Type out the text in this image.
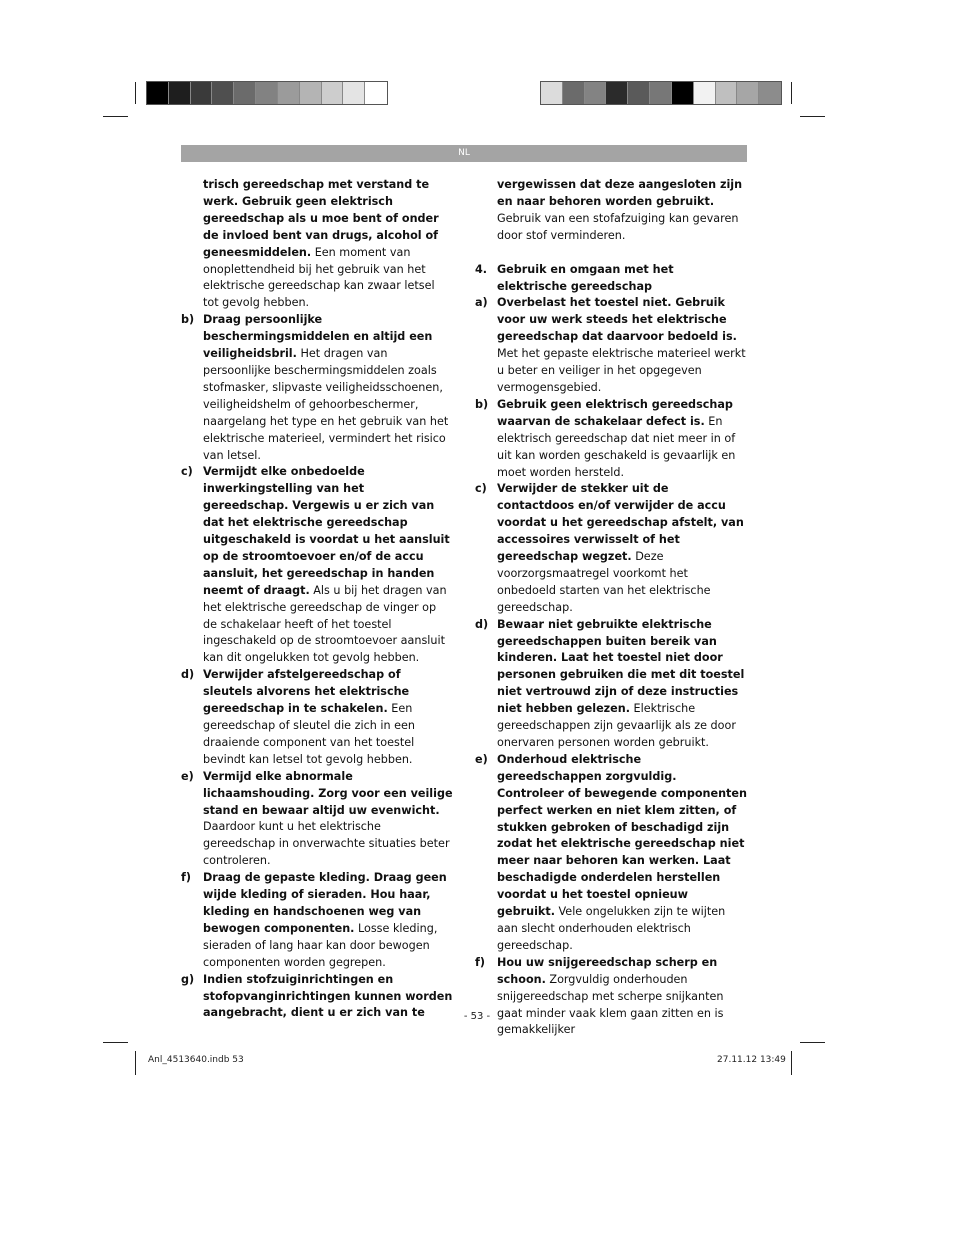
NL
trisch gereedschap met verstand te werk. Gebruik geen elektrisch gereedschap als u moe bent of onder de invloed bent van drugs, alcohol of geneesmiddelen. Een moment van onoplettendheid bij het gebruik van het elektrische gereedschap kan zwaar letsel tot gevolg hebben.
b) Draag persoonlijke beschermingsmiddelen en altijd een veiligheidsbril. Het dragen van persoonlijke beschermingsmiddelen zoals stofmasker, slipvaste veiligheidsschoenen, veiligheidshelm of gehoorbeschermer, naargelang het type en het gebruik van het elektrische materieel, vermindert het risico van letsel.
c) Vermijdt elke onbedoelde inwerkingstelling van het gereedschap. Vergewis u er zich van dat het elektrische gereedschap uitgeschakeld is voordat u het aansluit op de stroomtoevoer en/of de accu aansluit, het gereedschap in handen neemt of draagt. Als u bij het dragen van het elektrische gereedschap de vinger op de schakelaar heeft of het toestel ingeschakeld op de stroomtoevoer aansluit kan dit ongelukken tot gevolg hebben.
d) Verwijder afstelgereedschap of sleutels alvorens het elektrische gereedschap in te schakelen. Een gereedschap of sleutel die zich in een draaiende component van het toestel bevindt kan letsel tot gevolg hebben.
e) Vermijd elke abnormale lichaamshouding. Zorg voor een veilige stand en bewaar altijd uw evenwicht. Daardoor kunt u het elektrische gereedschap in onverwachte situaties beter controleren.
f)	Draag de gepaste kleding. Draag geen wijde kleding of sieraden. Hou haar, kleding en handschoenen weg van bewogen componenten. Losse kleding, sieraden of lang haar kan door bewogen componenten worden gegrepen.
g) Indien stofzuiginrichtingen en stofopvanginrichtingen kunnen worden aangebracht, dient u er zich van te
vergewissen dat deze aangesloten zijn en naar behoren worden gebruikt. Gebruik van een stofafzuiging kan gevaren door stof verminderen.
4. Gebruik en omgaan met het elektrische gereedschap
a) Overbelast het toestel niet. Gebruik voor uw werk steeds het elektrische gereedschap dat daarvoor bedoeld is. Met het gepaste elektrische materieel werkt u beter en veiliger in het opgegeven vermogensgebied.
b) Gebruik geen elektrisch gereedschap waarvan de schakelaar defect is. En elektrisch gereedschap dat niet meer in of uit kan worden geschakeld is gevaarlijk en moet worden hersteld.
c) Verwijder de stekker uit de contactdoos en/of verwijder de accu voordat u het gereedschap afstelt, van accessoires verwisselt of het gereedschap wegzet. Deze voorzorgsmaatregel voorkomt het onbedoeld starten van het elektrische gereedschap.
d) Bewaar niet gebruikte elektrische gereedschappen buiten bereik van kinderen. Laat het toestel niet door personen gebruiken die met dit toestel niet vertrouwd zijn of deze instructies niet hebben gelezen. Elektrische gereedschappen zijn gevaarlijk als ze door onervaren personen worden gebruikt.
e) Onderhoud elektrische gereedschappen zorgvuldig. Controleer of bewegende componenten perfect werken en niet klem zitten, of stukken gebroken of beschadigd zijn zodat het elektrische gereedschap niet meer naar behoren kan werken. Laat beschadigde onderdelen herstellen voordat u het toestel opnieuw gebruikt. Vele ongelukken zijn te wijten aan slecht onderhouden elektrisch gereedschap.
f)	Hou uw snijgereedschap scherp en schoon. Zorgvuldig onderhouden snijgereedschap met scherpe snijkanten gaat minder vaak klem gaan zitten en is gemakkelijker
- 53 -
Anl_4513640.indb 53	27.11.12 13:49
